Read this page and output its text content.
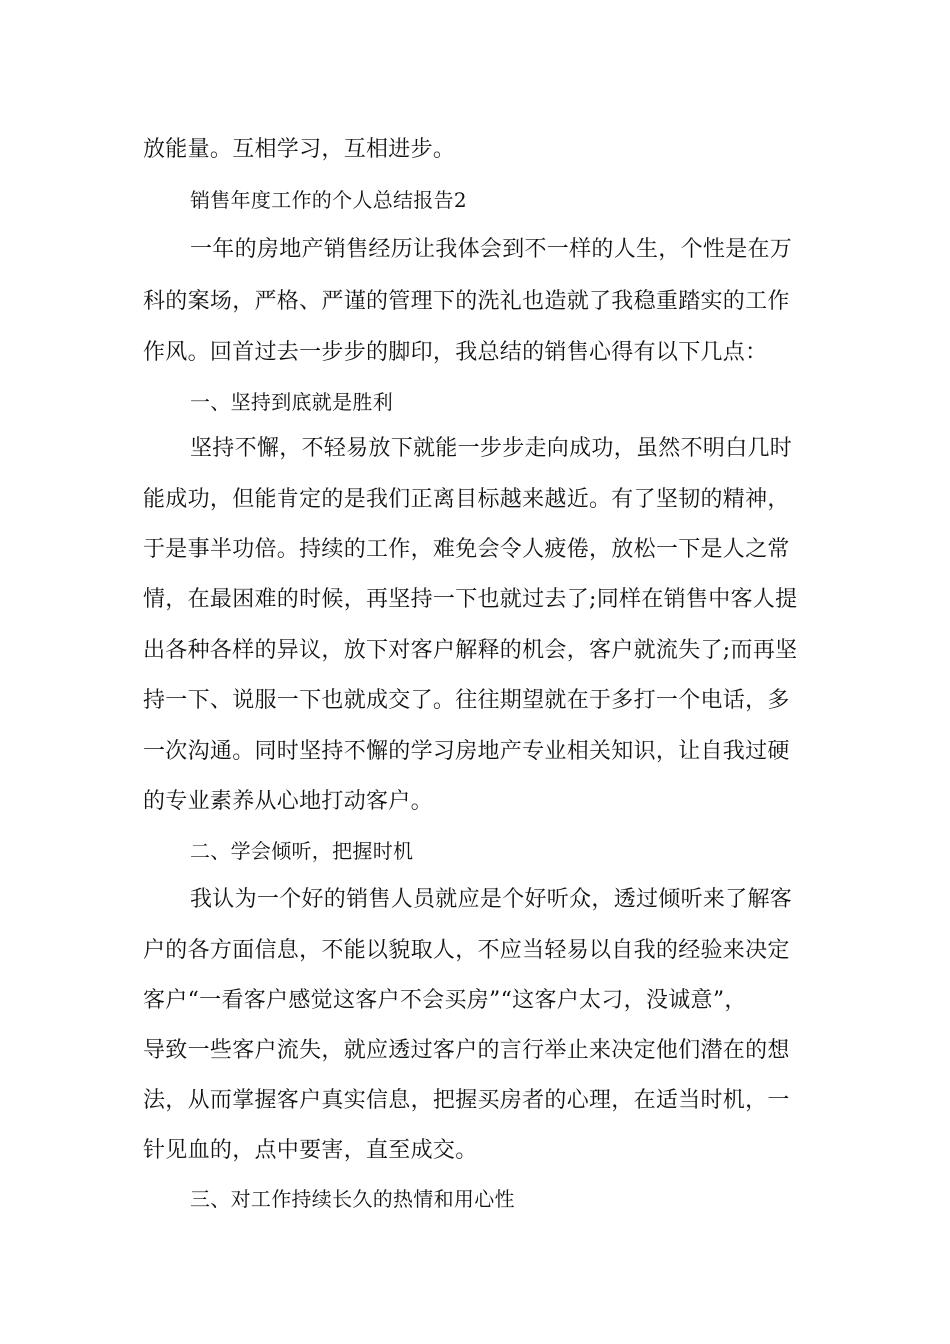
放能量。互相学习，互相进步。
销售年度工作的个人总结报告2
一年的房地产销售经历让我体会到不一样的人生，个性是在万
科的案场，严格、严谨的管理下的洗礼也造就了我稳重踏实的工作
作风。回首过去一步步的脚印，我总结的销售心得有以下几点：
一、坚持到底就是胜利
坚持不懈，不轻易放下就能一步步走向成功，虽然不明白几时
能成功，但能肯定的是我们正离目标越来越近。有了坚韧的精神，
于是事半功倍。持续的工作，难免会令人疲倦，放松一下是人之常
情，在最困难的时候，再坚持一下也就过去了;同样在销售中客人提
出各种各样的异议，放下对客户解释的机会，客户就流失了;而再坚
持一下、说服一下也就成交了。往往期望就在于多打一个电话，多
一次沟通。同时坚持不懈的学习房地产专业相关知识，让自我过硬
的专业素养从心地打动客户。
二、学会倾听，把握时机
我认为一个好的销售人员就应是个好听众，透过倾听来了解客
户的各方面信息，不能以貌取人，不应当轻易以自我的经验来决定
客户“一看客户感觉这客户不会买房”“这客户太刁，没诚意”，
导致一些客户流失，就应透过客户的言行举止来决定他们潜在的想
法，从而掌握客户真实信息，把握买房者的心理，在适当时机，一
针见血的，点中要害，直至成交。
三、对工作持续长久的热情和用心性
